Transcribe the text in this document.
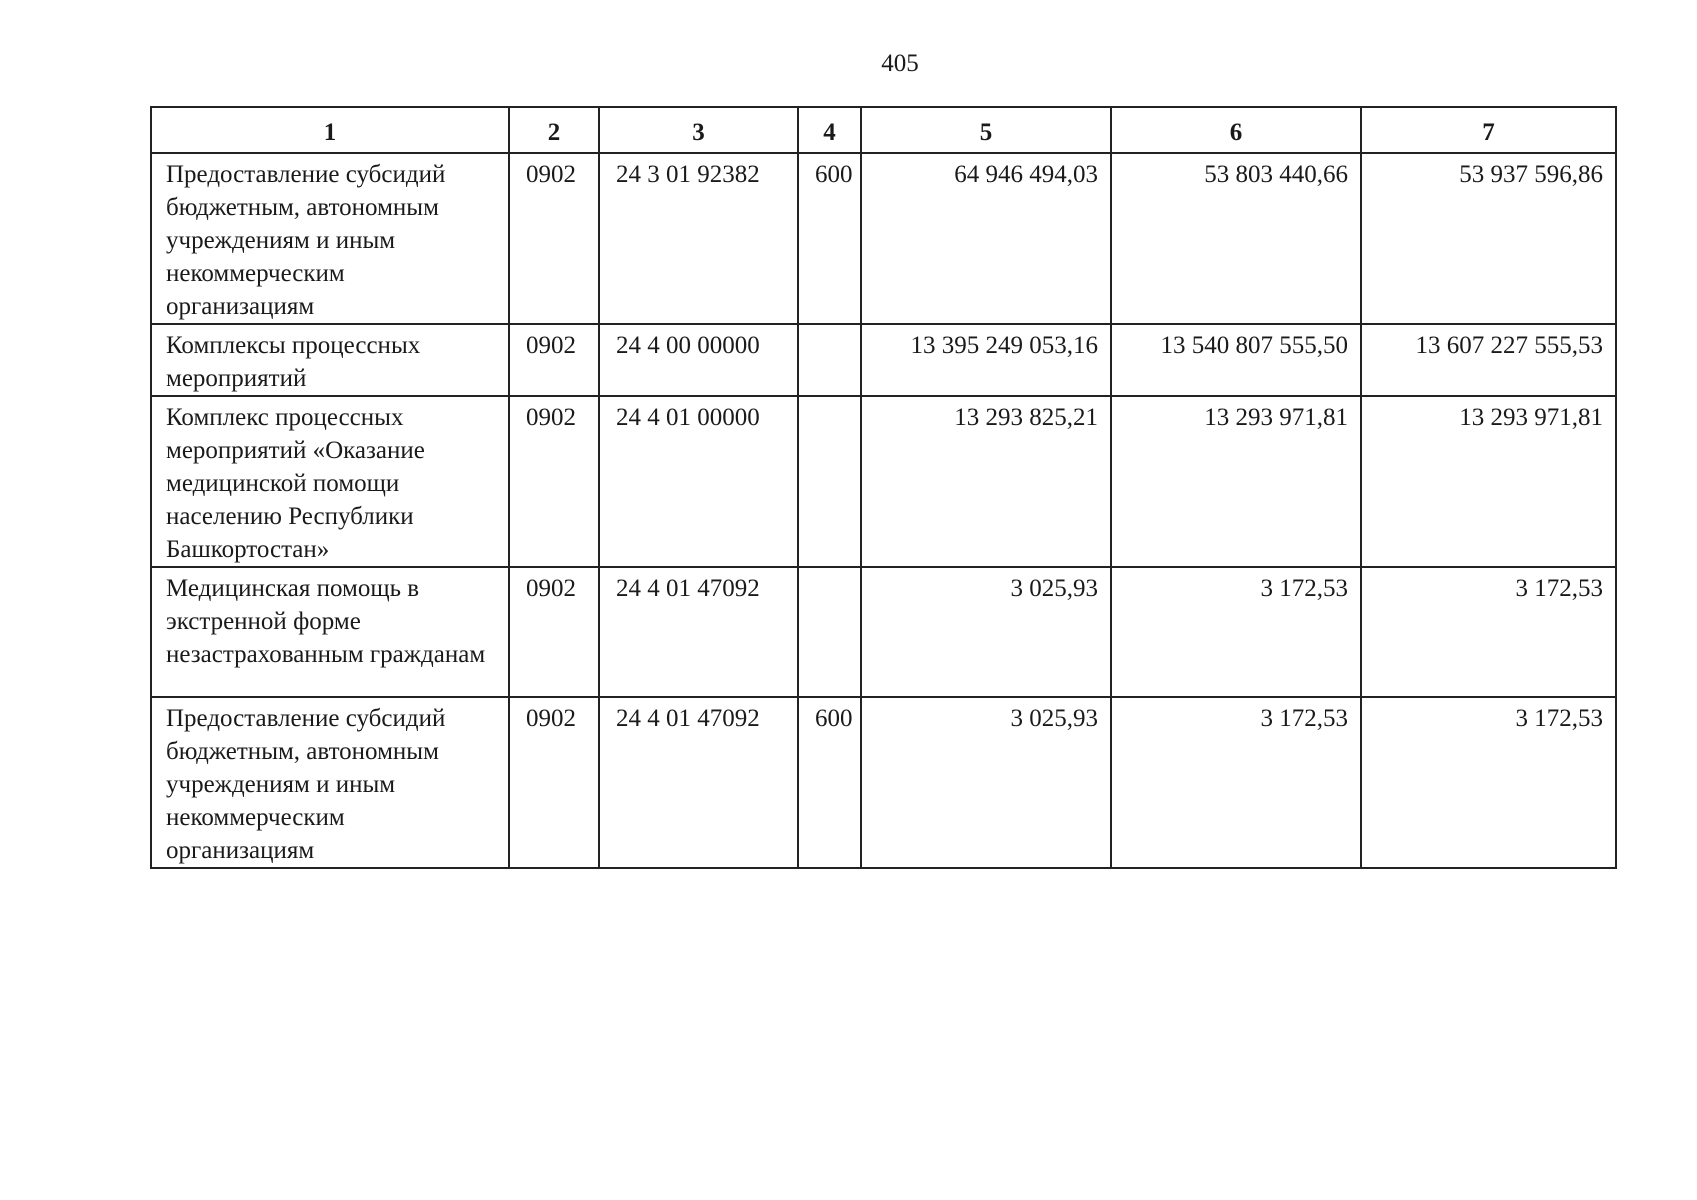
405
1	2	3	4	5	6	7
Предоставление субсидий бюджетным, автономным учреждениям и иным некоммерческим организациям	0902	24 3 01 92382	600	64 946 494,03	53 803 440,66	53 937 596,86
Комплексы процессных мероприятий	0902	24 4 00 00000		13 395 249 053,16	13 540 807 555,50	13 607 227 555,53
Комплекс процессных мероприятий «Оказание медицинской помощи населению Республики Башкортостан»	0902	24 4 01 00000		13 293 825,21	13 293 971,81	13 293 971,81
Медицинская помощь в экстренной форме незастрахованным гражданам	0902	24 4 01 47092		3 025,93	3 172,53	3 172,53
Предоставление субсидий бюджетным, автономным учреждениям и иным некоммерческим организациям	0902	24 4 01 47092	600	3 025,93	3 172,53	3 172,53
